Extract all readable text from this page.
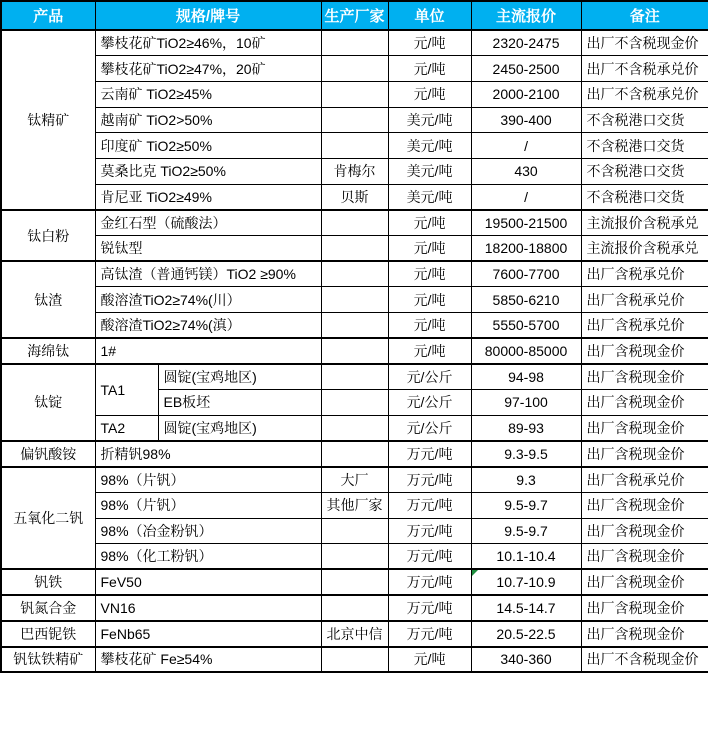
产品	规格/牌号		生产厂家	单位	主流报价	备注
钛精矿	攀枝花矿TiO2≥46%，10矿			元/吨	2320-2475	出厂不含税现金价
	攀枝花矿TiO2≥47%，20矿			元/吨	2450-2500	出厂不含税承兑价
	云南矿 TiO2≥45%			元/吨	2000-2100	出厂不含税承兑价
	越南矿 TiO2>50%			美元/吨	390-400	不含税港口交货
	印度矿 TiO2≥50%			美元/吨	/	不含税港口交货
	莫桑比克 TiO2≥50%		肯梅尔	美元/吨	430	不含税港口交货
	肯尼亚 TiO2≥49%		贝斯	美元/吨	/	不含税港口交货
钛白粉	金红石型（硫酸法）			元/吨	19500-21500	主流报价含税承兑
	锐钛型			元/吨	18200-18800	主流报价含税承兑
钛渣	高钛渣（普通钙镁）TiO2 ≥90%			元/吨	7600-7700	出厂含税承兑价
	酸溶渣TiO2≥74%(川）			元/吨	5850-6210	出厂含税承兑价
	酸溶渣TiO2≥74%(滇）			元/吨	5550-5700	出厂含税承兑价
海绵钛	1#			元/吨	80000-85000	出厂含税现金价
钛锭	TA1	圆锭(宝鸡地区)		元/公斤	94-98	出厂含税现金价
		EB板坯		元/公斤	97-100	出厂含税现金价
	TA2	圆锭(宝鸡地区)		元/公斤	89-93	出厂含税现金价
偏钒酸铵	折精钒98%			万元/吨	9.3-9.5	出厂含税现金价
五氧化二钒	98%（片钒）		大厂	万元/吨	9.3	出厂含税承兑价
	98%（片钒）		其他厂家	万元/吨	9.5-9.7	出厂含税现金价
	98%（冶金粉钒）			万元/吨	9.5-9.7	出厂含税现金价
	98%（化工粉钒）			万元/吨	10.1-10.4	出厂含税现金价
钒铁	FeV50			万元/吨	10.7-10.9	出厂含税现金价
钒氮合金	VN16			万元/吨	14.5-14.7	出厂含税现金价
巴西铌铁	FeNb65		北京中信	万元/吨	20.5-22.5	出厂含税现金价
钒钛铁精矿	攀枝花矿 Fe≥54%			元/吨	340-360	出厂不含税现金价
